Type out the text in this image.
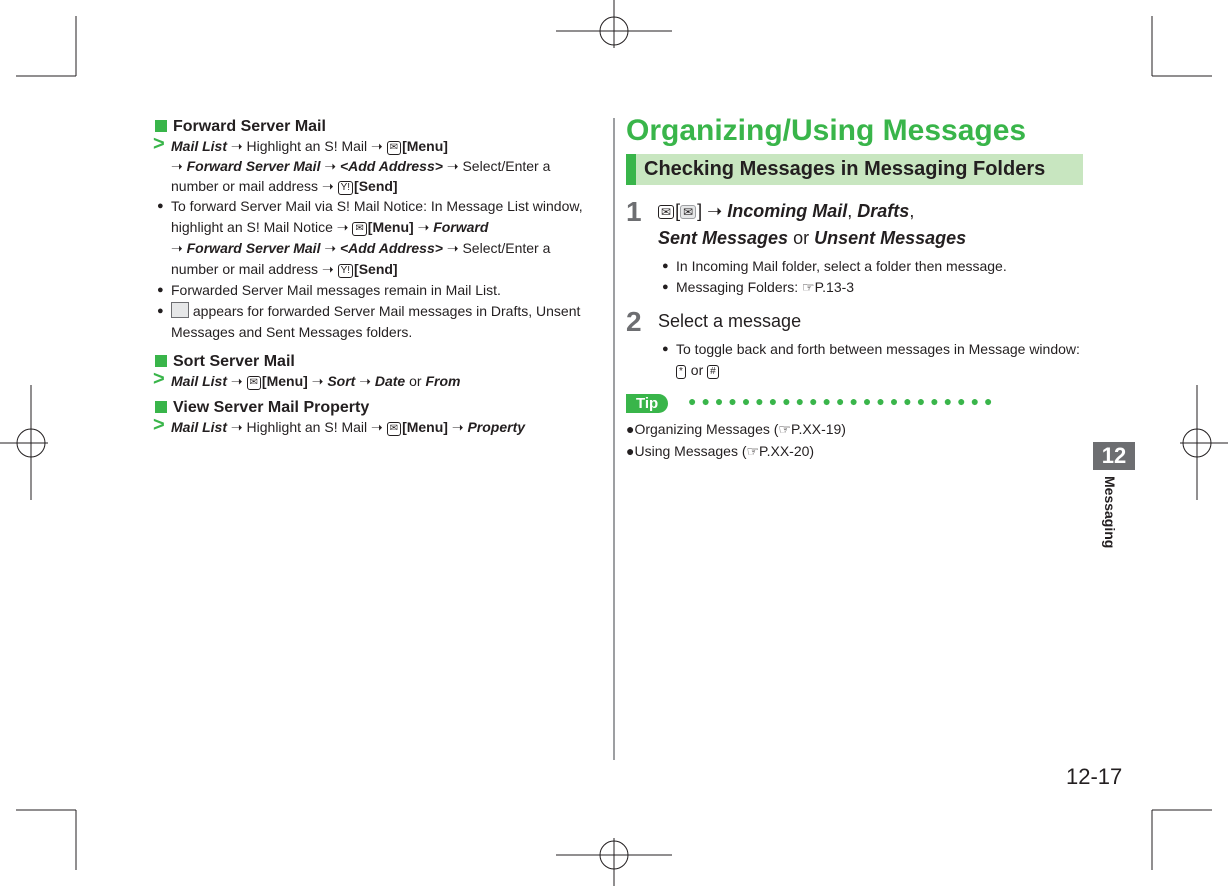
Forward Server Mail
> Mail List ➝ Highlight an S! Mail ➝ ✉ [Menu]
➝ Forward Server Mail ➝ <Add Address> ➝ Select/Enter a
number or mail address ➝ Y! [Send]
● To forward Server Mail via S! Mail Notice: In Message List window,
highlight an S! Mail Notice ➝ ✉ [Menu] ➝ Forward
➝ Forward Server Mail ➝ <Add Address> ➝ Select/Enter a
number or mail address ➝ Y! [Send]
● Forwarded Server Mail messages remain in Mail List.
● appears for forwarded Server Mail messages in Drafts, Unsent
Messages and Sent Messages folders.
Sort Server Mail
> Mail List ➝ ✉ [Menu] ➝ Sort ➝ Date or From
View Server Mail Property
> Mail List ➝ Highlight an S! Mail ➝ ✉ [Menu] ➝ Property
Organizing/Using Messages
Checking Messages in Messaging Folders
1 ✉ [ ✉ ] ➝ Incoming Mail, Drafts,
Sent Messages or Unsent Messages
● In Incoming Mail folder, select a folder then message.
● Messaging Folders: ☞P.13-3
2 Select a message
● To toggle back and forth between messages in Message window:
* or #
Tip ●●●●●●●●●●●●●●●●●●●●●●●
●Organizing Messages (☞P.XX-19)
●Using Messages (☞P.XX-20)	12
Messaging
12-17
